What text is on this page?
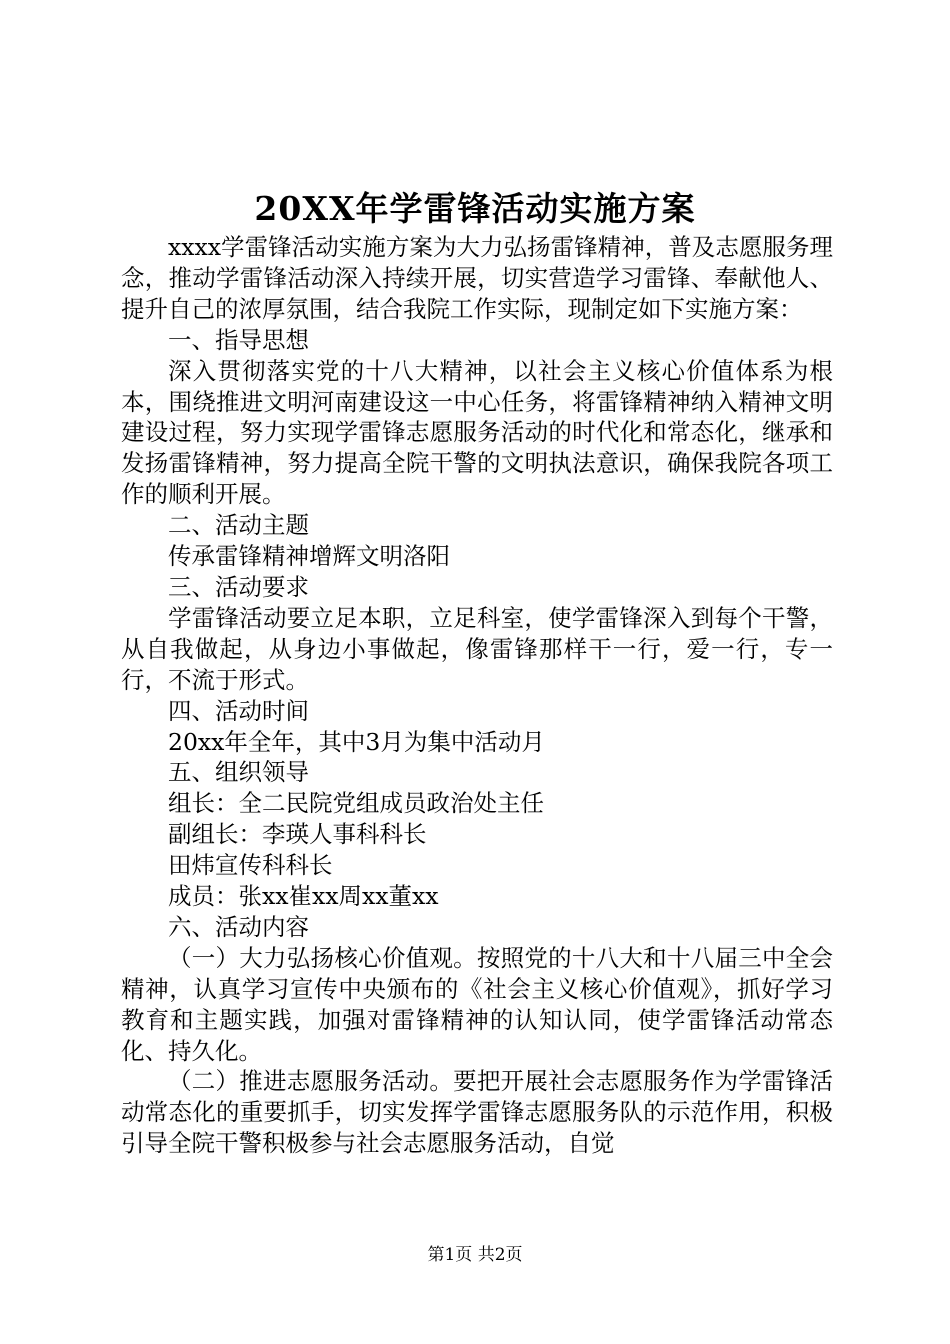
20XX年学雷锋活动实施方案

xxxx学雷锋活动实施方案为大力弘扬雷锋精神，普及志愿服务理念，推动学雷锋活动深入持续开展，切实营造学习雷锋、奉献他人、提升自己的浓厚氛围，结合我院工作实际，现制定如下实施方案：

一、指导思想

深入贯彻落实党的十八大精神，以社会主义核心价值体系为根本，围绕推进文明河南建设这一中心任务，将雷锋精神纳入精神文明建设过程，努力实现学雷锋志愿服务活动的时代化和常态化，继承和发扬雷锋精神，努力提高全院干警的文明执法意识，确保我院各项工作的顺利开展。

二、活动主题

传承雷锋精神增辉文明洛阳

三、活动要求

学雷锋活动要立足本职，立足科室，使学雷锋深入到每个干警，从自我做起，从身边小事做起，像雷锋那样干一行，爱一行，专一行，不流于形式。

四、活动时间

20xx年全年，其中3月为集中活动月

五、组织领导

组长：全二民院党组成员政治处主任

副组长：李瑛人事科科长

田炜宣传科科长

成员：张xx崔xx周xx董xx

六、活动内容

（一）大力弘扬核心价值观。按照党的十八大和十八届三中全会精神，认真学习宣传中央颁布的《社会主义核心价值观》，抓好学习教育和主题实践，加强对雷锋精神的认知认同，使学雷锋活动常态化、持久化。

（二）推进志愿服务活动。要把开展社会志愿服务作为学雷锋活动常态化的重要抓手，切实发挥学雷锋志愿服务队的示范作用，积极引导全院干警积极参与社会志愿服务活动，自觉

第1页 共2页
